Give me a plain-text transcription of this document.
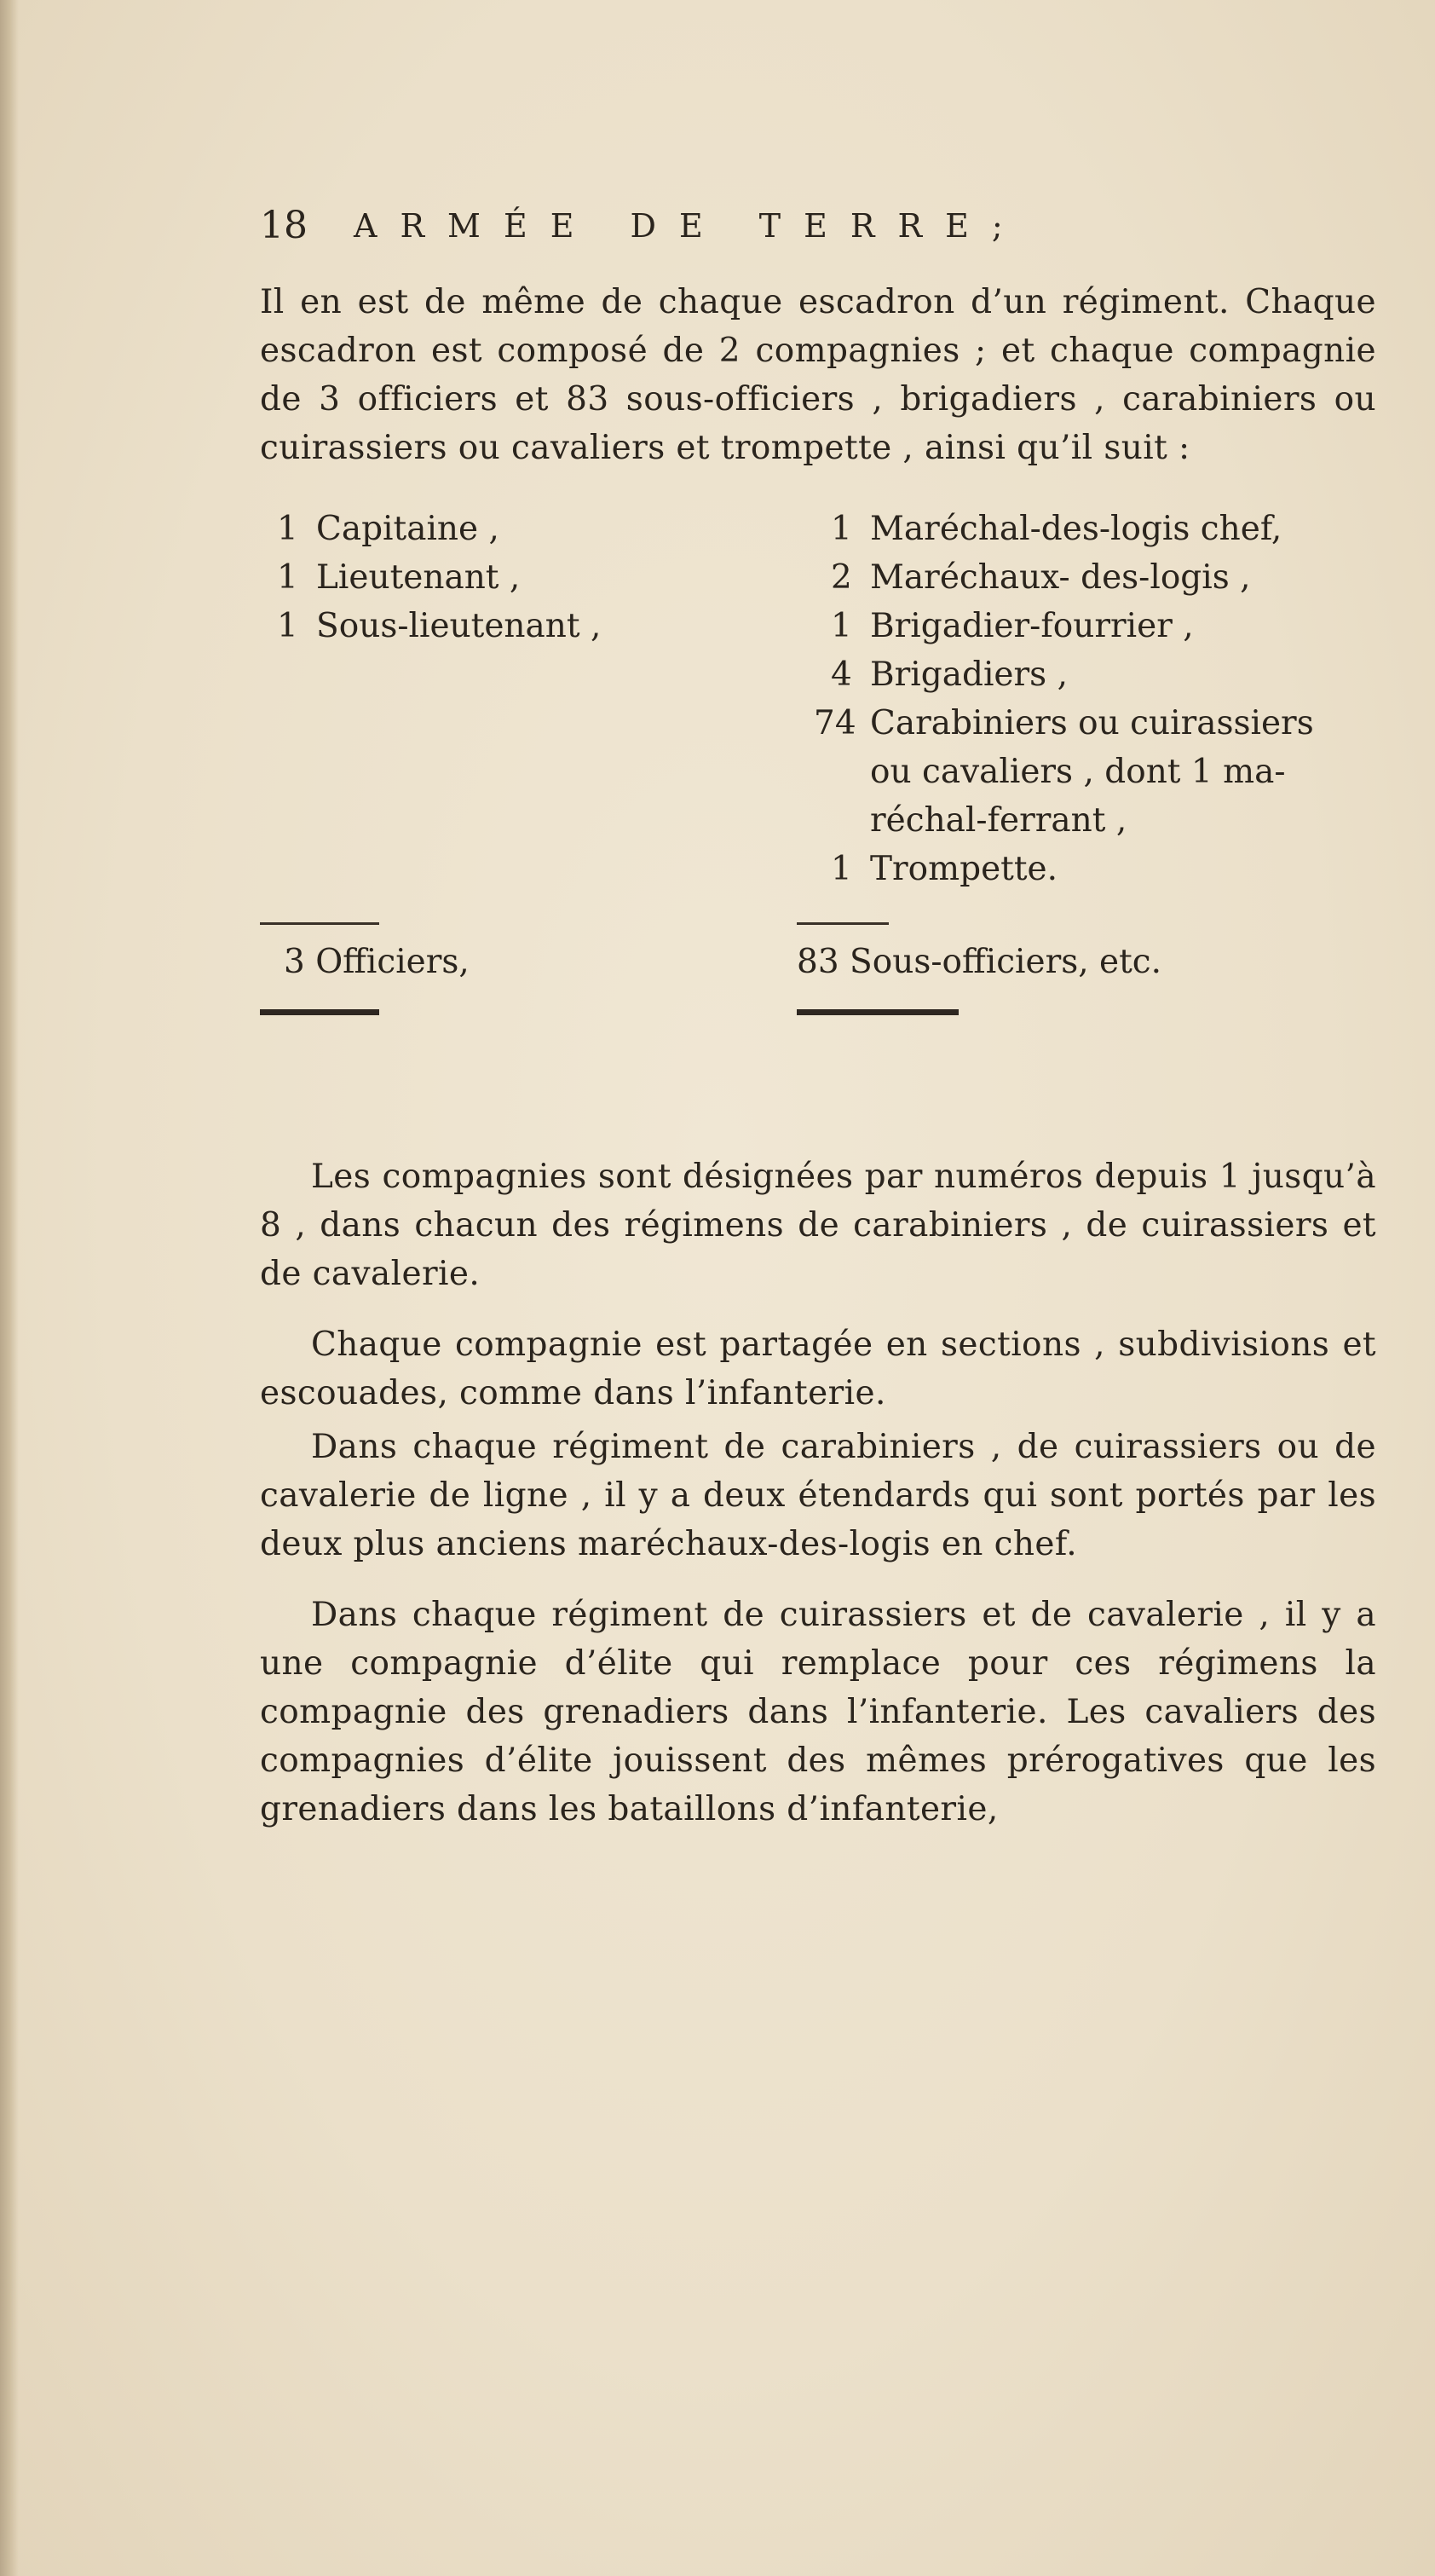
18 ARMÉE DE TERRE;

Il en est de même de chaque escadron d’un régiment. Chaque escadron est composé de 2 compagnies ; et chaque compagnie de 3 officiers et 83 sous-officiers , brigadiers , carabiniers ou cuirassiers ou cavaliers et trompette , ainsi qu’il suit :

1 Capitaine ,
1 Lieutenant ,
1 Sous-lieutenant ,
1 Maréchal-des-logis chef,
2 Maréchaux- des-logis ,
1 Brigadier-fourrier ,
4 Brigadiers ,
74 Carabiniers ou cuirassiers
ou cavaliers , dont 1 ma-
réchal-ferrant ,
1 Trompette.
3 Officiers,	83 Sous-officiers, etc.

Les compagnies sont désignées par numéros depuis 1 jusqu’à 8 , dans chacun des régimens de carabiniers , de cuirassiers et de cavalerie.

Chaque compagnie est partagée en sections , subdivisions et escouades, comme dans l’infanterie.

Dans chaque régiment de carabiniers , de cuirassiers ou de cavalerie de ligne , il y a deux étendards qui sont portés par les deux plus anciens maréchaux-des-logis en chef.

Dans chaque régiment de cuirassiers et de cavalerie , il y a une compagnie d’élite qui remplace pour ces régimens la compagnie des grenadiers dans l’infanterie. Les cavaliers des compagnies d’élite jouissent des mêmes prérogatives que les grenadiers dans les bataillons d’infanterie,
